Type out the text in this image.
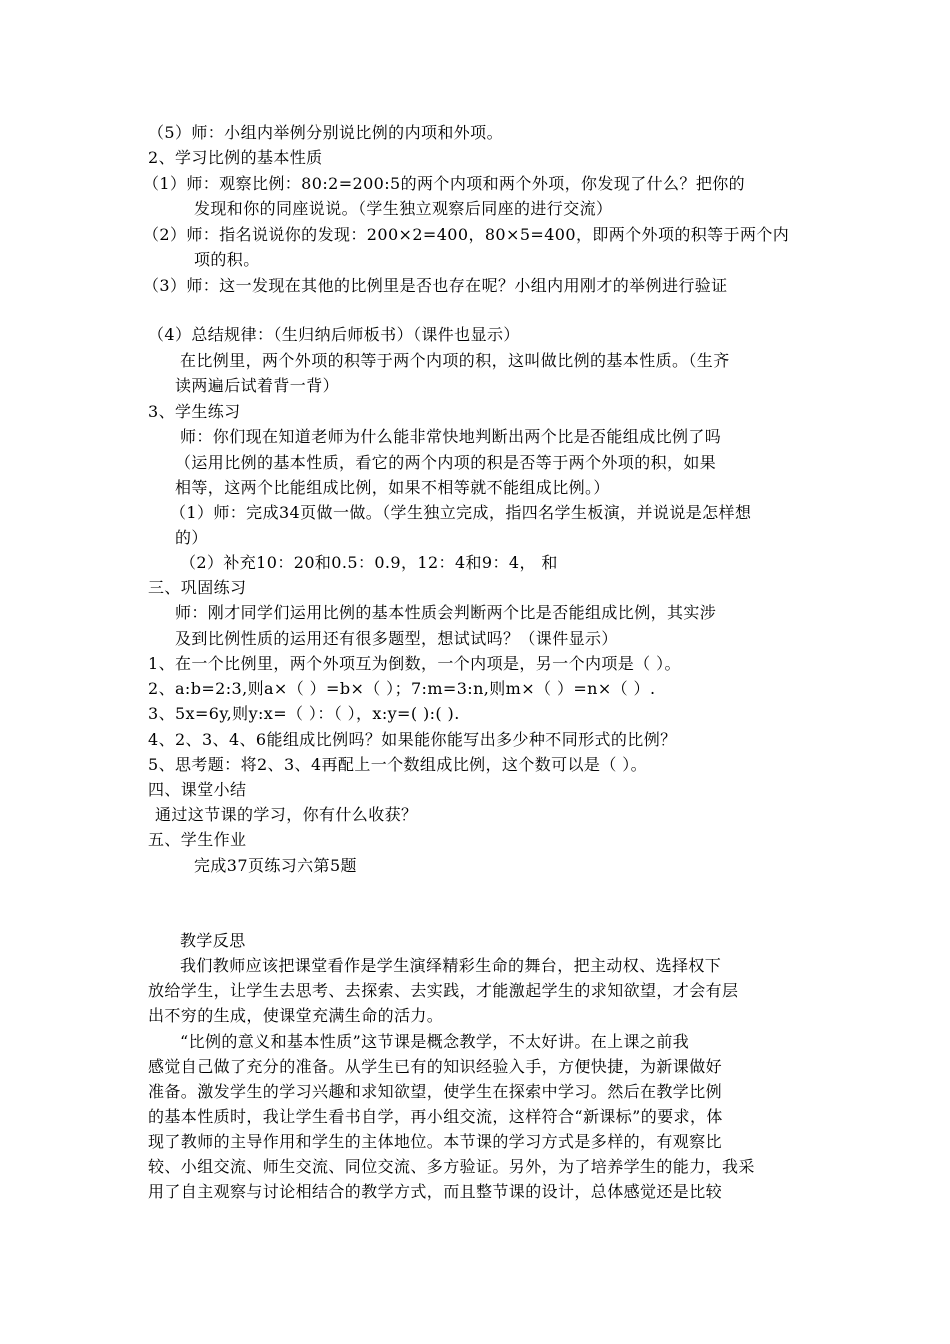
（5）师：小组内举例分别说比例的内项和外项。
2、学习比例的基本性质
（1）师：观察比例：80:2=200:5的两个内项和两个外项，你发现了什么？把你的
发现和你的同座说说。（学生独立观察后同座的进行交流）
（2）师：指名说说你的发现：200×2=400，80×5=400，即两个外项的积等于两个内
项的积。
（3）师：这一发现在其他的比例里是否也存在呢？小组内用刚才的举例进行验证
（4）总结规律：（生归纳后师板书）（课件也显示）
在比例里，两个外项的积等于两个内项的积，这叫做比例的基本性质。（生齐
读两遍后试着背一背）
3、学生练习
师：你们现在知道老师为什么能非常快地判断出两个比是否能组成比例了吗
（运用比例的基本性质，看它的两个内项的积是否等于两个外项的积，如果
相等，这两个比能组成比例，如果不相等就不能组成比例。）
（1）师：完成34页做一做。（学生独立完成，指四名学生板演，并说说是怎样想
的）
（2）补充10：20和0.5：0.9，12：4和9：4， 和
三、巩固练习
师：刚才同学们运用比例的基本性质会判断两个比是否能组成比例，其实涉
及到比例性质的运用还有很多题型，想试试吗？（课件显示）
1、在一个比例里，两个外项互为倒数，一个内项是，另一个内项是（ ）。
2、a:b=2:3,则a×（ ）=b×（ ）；7:m=3:n,则m×（ ）=n×（ ）.
3、5x=6y,则y:x=（ ）：（ ），x:y=( ):( ).
4、2、3、4、6能组成比例吗？如果能你能写出多少种不同形式的比例？
5、思考题：将2、3、4再配上一个数组成比例，这个数可以是（ ）。
四、课堂小结
通过这节课的学习，你有什么收获？
五、学生作业
完成37页练习六第5题
教学反思
我们教师应该把课堂看作是学生演绎精彩生命的舞台，把主动权、选择权下
放给学生，让学生去思考、去探索、去实践，才能激起学生的求知欲望，才会有层
出不穷的生成，使课堂充满生命的活力。
“比例的意义和基本性质”这节课是概念教学，不太好讲。在上课之前我
感觉自己做了充分的准备。从学生已有的知识经验入手，方便快捷，为新课做好
准备。激发学生的学习兴趣和求知欲望，使学生在探索中学习。然后在教学比例
的基本性质时，我让学生看书自学，再小组交流，这样符合“新课标”的要求，体
现了教师的主导作用和学生的主体地位。本节课的学习方式是多样的，有观察比
较、小组交流、师生交流、同位交流、多方验证。另外，为了培养学生的能力，我采
用了自主观察与讨论相结合的教学方式，而且整节课的设计，总体感觉还是比较
